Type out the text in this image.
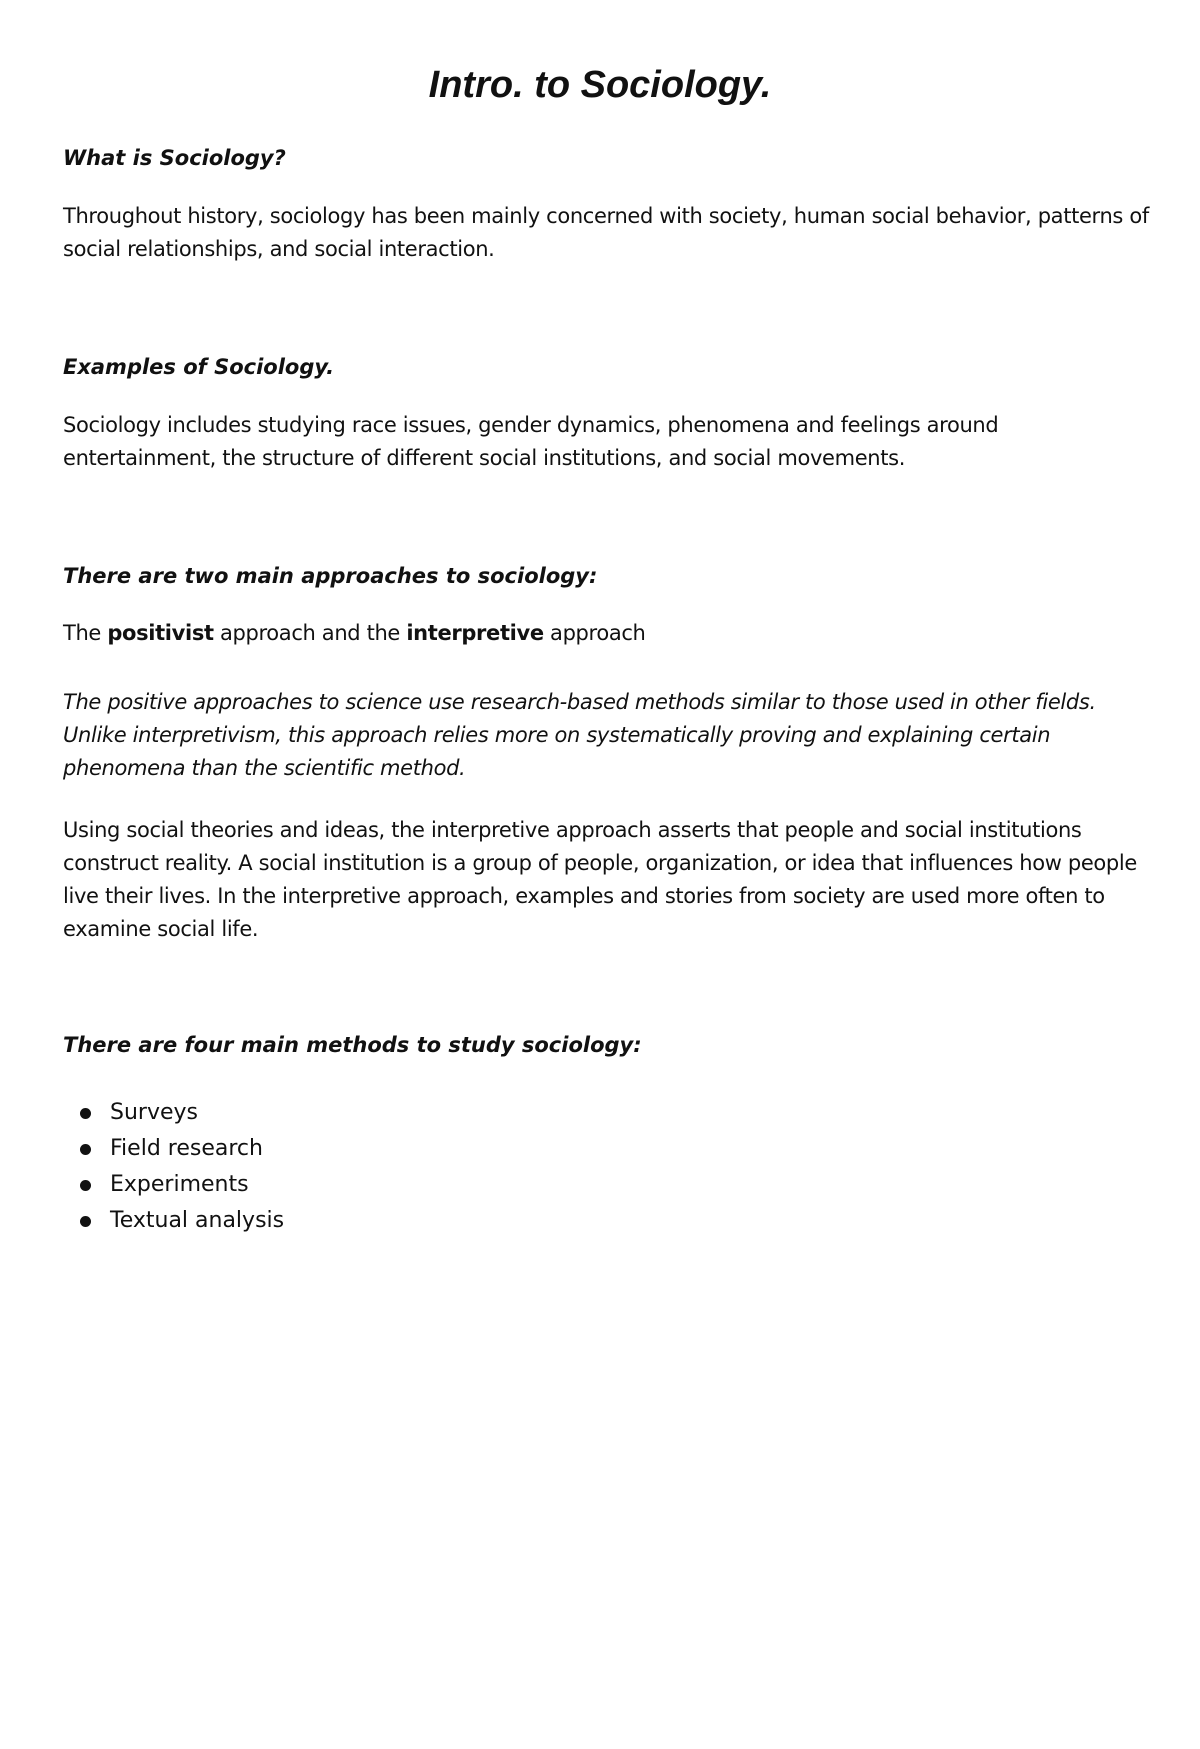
Intro. to Sociology.

What is Sociology?

Throughout history, sociology has been mainly concerned with society, human social behavior, patterns of social relationships, and social interaction.

Examples of Sociology.

Sociology includes studying race issues, gender dynamics, phenomena and feelings around entertainment, the structure of different social institutions, and social movements.

There are two main approaches to sociology:

The positivist approach and the interpretive approach

The positive approaches to science use research-based methods similar to those used in other fields. Unlike interpretivism, this approach relies more on systematically proving and explaining certain phenomena than the scientific method.

Using social theories and ideas, the interpretive approach asserts that people and social institutions construct reality. A social institution is a group of people, organization, or idea that influences how people live their lives. In the interpretive approach, examples and stories from society are used more often to examine social life.

There are four main methods to study sociology:

Surveys
Field research
Experiments
Textual analysis
